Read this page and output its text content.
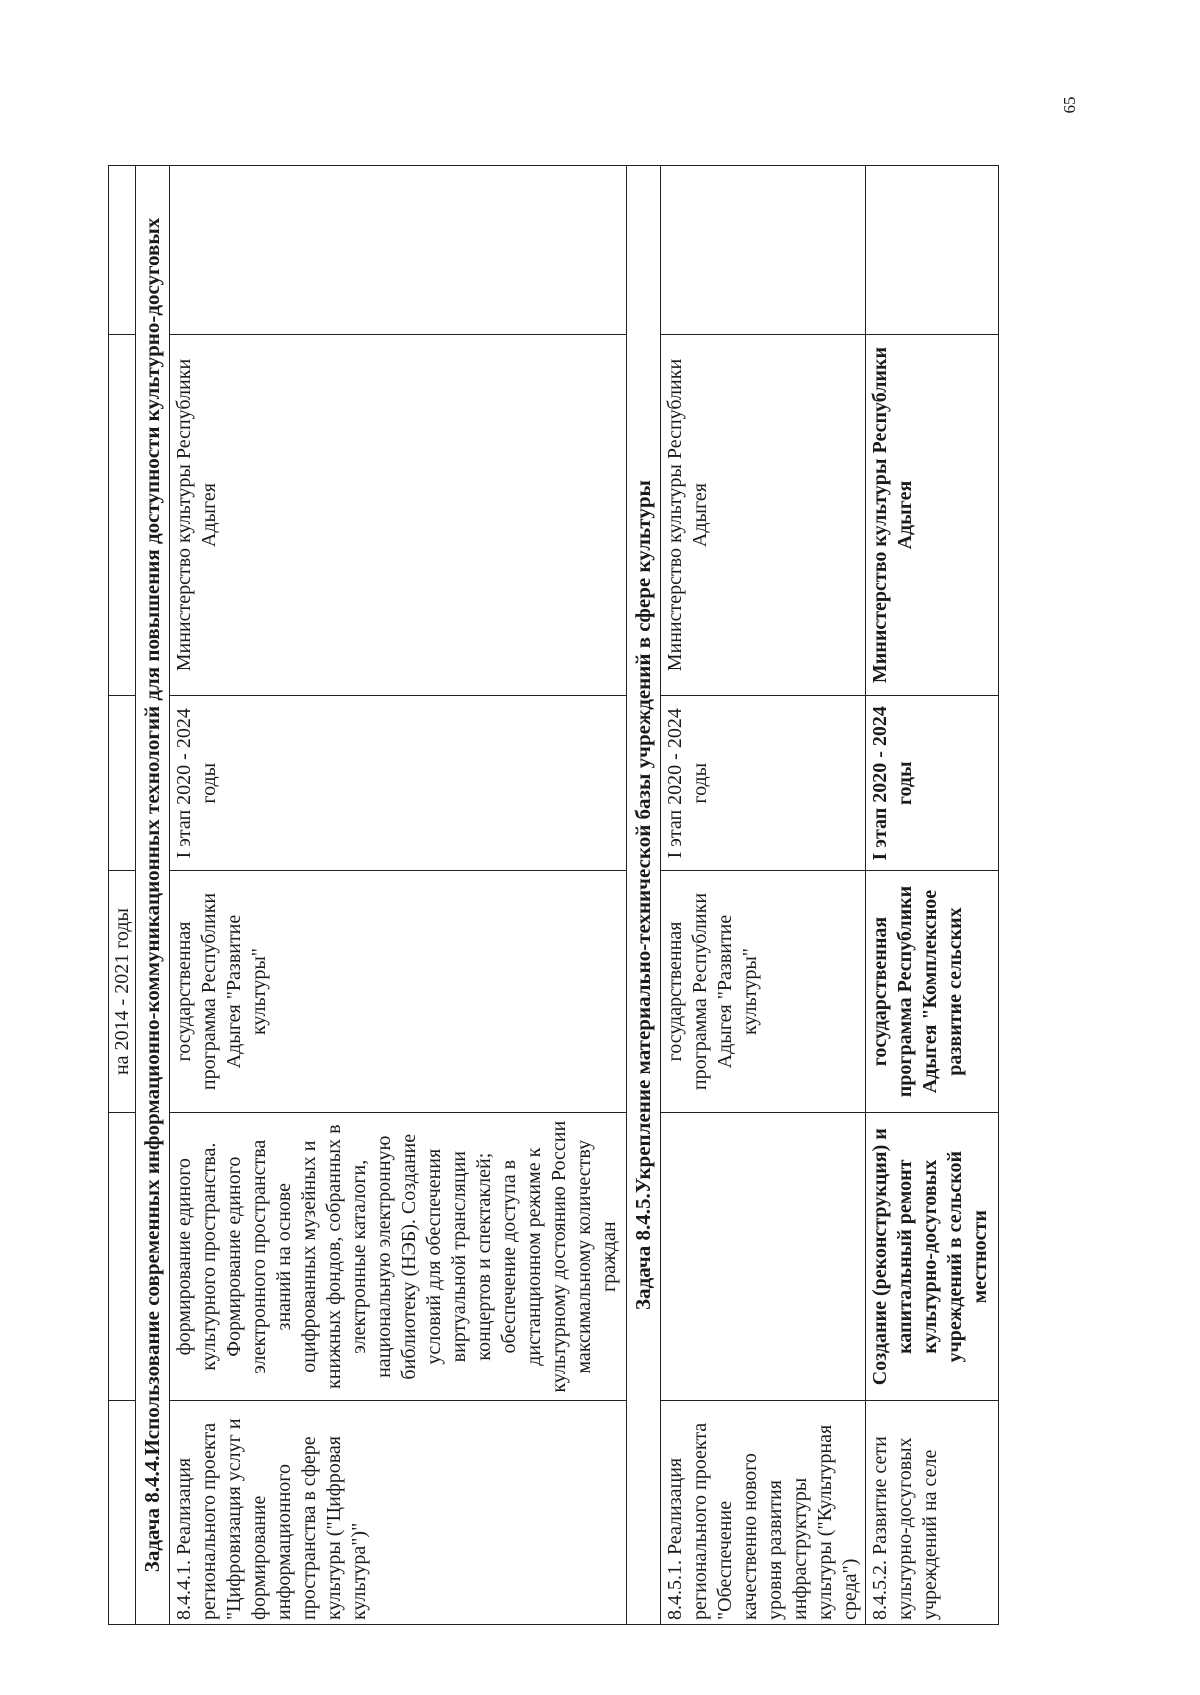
65
		на 2014 - 2021 годы			
Задача 8.4.4.Использование современных информационно-коммуникационных технологий для повышения доступности культурно-досуговых					
8.4.4.1. Реализация регионального проекта "Цифровизация услуг и формирование информационного пространства в сфере культуры ("Цифровая культура")"	формирование единого культурного пространства. Формирование единого электронного пространства знаний на основе оцифрованных музейных и книжных фондов, собранных в электронные каталоги, национальную электронную библиотеку (НЭБ). Создание условий для обеспечения виртуальной трансляции концертов и спектаклей; обеспечение доступа в дистанционном режиме к культурному достоянию России максимальному количеству граждан	государственная программа Республики Адыгея "Развитие культуры"	I этап 2020 - 2024 годы	Министерство культуры Республики Адыгея	
Задача 8.4.5.Укрепление материально-технической базы учреждений в сфере культуры					
8.4.5.1. Реализация регионального проекта "Обеспечение качественно нового уровня развития инфраструктуры культуры ("Культурная среда")		государственная программа Республики Адыгея "Развитие культуры"	I этап 2020 - 2024 годы	Министерство культуры Республики Адыгея	
8.4.5.2. Развитие сети культурно-досуговых учреждений на селе	Создание (реконструкция) и капитальный ремонт культурно-досуговых учреждений в сельской местности	государственная программа Республики Адыгея "Комплексное развитие сельских	I этап 2020 - 2024 годы	Министерство культуры Республики Адыгея	
